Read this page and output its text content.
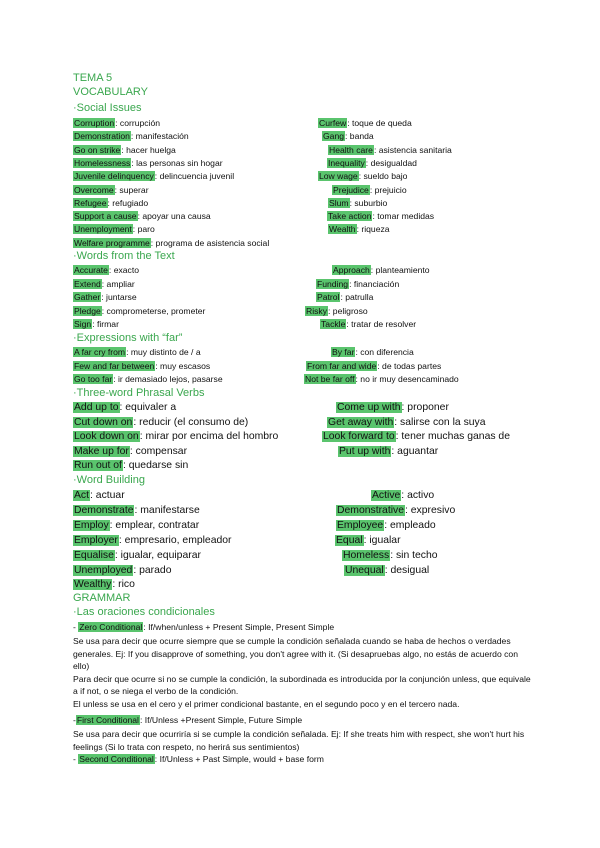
TEMA 5
VOCABULARY
·Social Issues
Corruption: corrupción
Demonstration: manifestación
Go on strike: hacer huelga
Homelessness: las personas sin hogar
Juvenile delinquency: delincuencia juvenil
Overcome: superar
Refugee: refugiado
Support a cause: apoyar una causa
Unemployment: paro
Welfare programme: programa de asistencia social
Curfew: toque de queda
Gang: banda
Health care: asistencia sanitaria
Inequality: desigualdad
Low wage: sueldo bajo
Prejudice: prejuicio
Slum: suburbio
Take action: tomar medidas
Wealth: riqueza
·Words from the Text
Accurate: exacto
Extend: ampliar
Gather: juntarse
Pledge: comprometerse, prometer
Sign: firmar
Approach: planteamiento
Funding: financiación
Patrol: patrulla
Risky: peligroso
Tackle: tratar de resolver
·Expressions with “far”
A far cry from: muy distinto de / a
Few and far between: muy escasos
Go too far: ir demasiado lejos, pasarse
By far: con diferencia
From far and wide: de todas partes
Not be far off: no ir muy desencaminado
·Three-word Phrasal Verbs
Add up to: equivaler a
Cut down on: reducir (el consumo de)
Look down on: mirar por encima del hombro
Make up for: compensar
Run out of: quedarse sin
Come up with: proponer
Get away with: salirse con la suya
Look forward to: tener muchas ganas de
Put up with: aguantar
·Word Building
Act: actuar
Demonstrate: manifestarse
Employ: emplear, contratar
Employer: empresario, empleador
Equalise: igualar, equiparar
Unemployed: parado
Wealthy: rico
Active: activo
Demonstrative: expresivo
Employee: empleado
Equal: igualar
Homeless: sin techo
Unequal: desigual
GRAMMAR
·Las oraciones condicionales
- Zero Conditional: If/when/unless + Present Simple, Present Simple

Se usa para decir que ocurre siempre que se cumple la condición señalada cuando se haba de hechos o verdades generales. Ej: If you disapprove of something, you don't agree with it. (Si desapruebas algo, no estás de acuerdo con ello)

Para decir que ocurre si no se cumple la condición, la subordinada es introducida por la conjunción unless, que equivale a if not, o se niega el verbo de la condición.

El unless se usa en el cero y el primer condicional bastante, en el segundo poco y en el tercero nada.

-First Conditional: If/Unless +Present Simple, Future Simple

Se usa para decir que ocurriría si se cumple la condición señalada. Ej: If she treats him with respect, she won't hurt his feelings (Si lo trata con respeto, no herirá sus sentimientos)

- Second Conditional: If/Unless + Past Simple, would + base form
